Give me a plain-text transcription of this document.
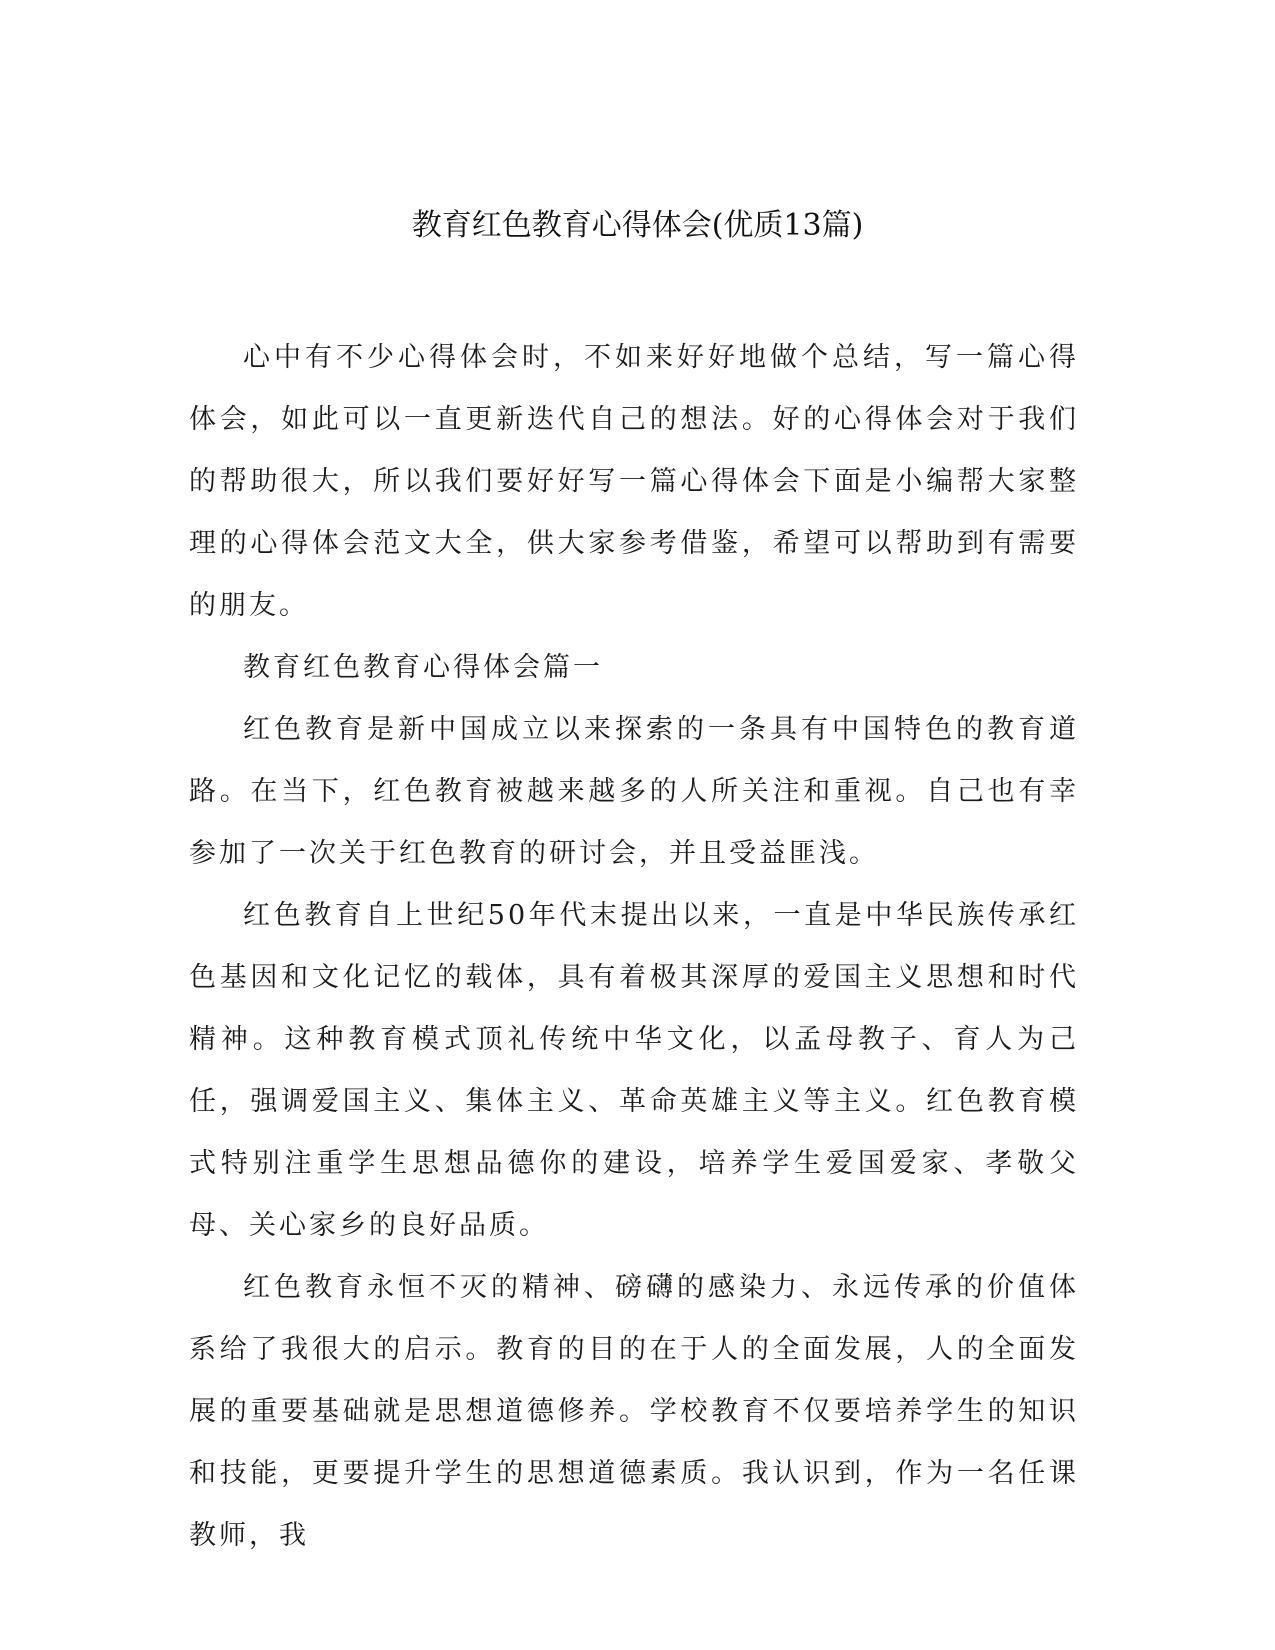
教育红色教育心得体会(优质13篇)

心中有不少心得体会时，不如来好好地做个总结，写一篇心得体会，如此可以一直更新迭代自己的想法。好的心得体会对于我们的帮助很大，所以我们要好好写一篇心得体会下面是小编帮大家整理的心得体会范文大全，供大家参考借鉴，希望可以帮助到有需要的朋友。

教育红色教育心得体会篇一

红色教育是新中国成立以来探索的一条具有中国特色的教育道路。在当下，红色教育被越来越多的人所关注和重视。自己也有幸参加了一次关于红色教育的研讨会，并且受益匪浅。

红色教育自上世纪50年代末提出以来，一直是中华民族传承红色基因和文化记忆的载体，具有着极其深厚的爱国主义思想和时代精神。这种教育模式顶礼传统中华文化，以孟母教子、育人为己任，强调爱国主义、集体主义、革命英雄主义等主义。红色教育模式特别注重学生思想品德你的建设，培养学生爱国爱家、孝敬父母、关心家乡的良好品质。

红色教育永恒不灭的精神、磅礴的感染力、永远传承的价值体系给了我很大的启示。教育的目的在于人的全面发展，人的全面发展的重要基础就是思想道德修养。学校教育不仅要培养学生的知识和技能，更要提升学生的思想道德素质。我认识到，作为一名任课教师，我
